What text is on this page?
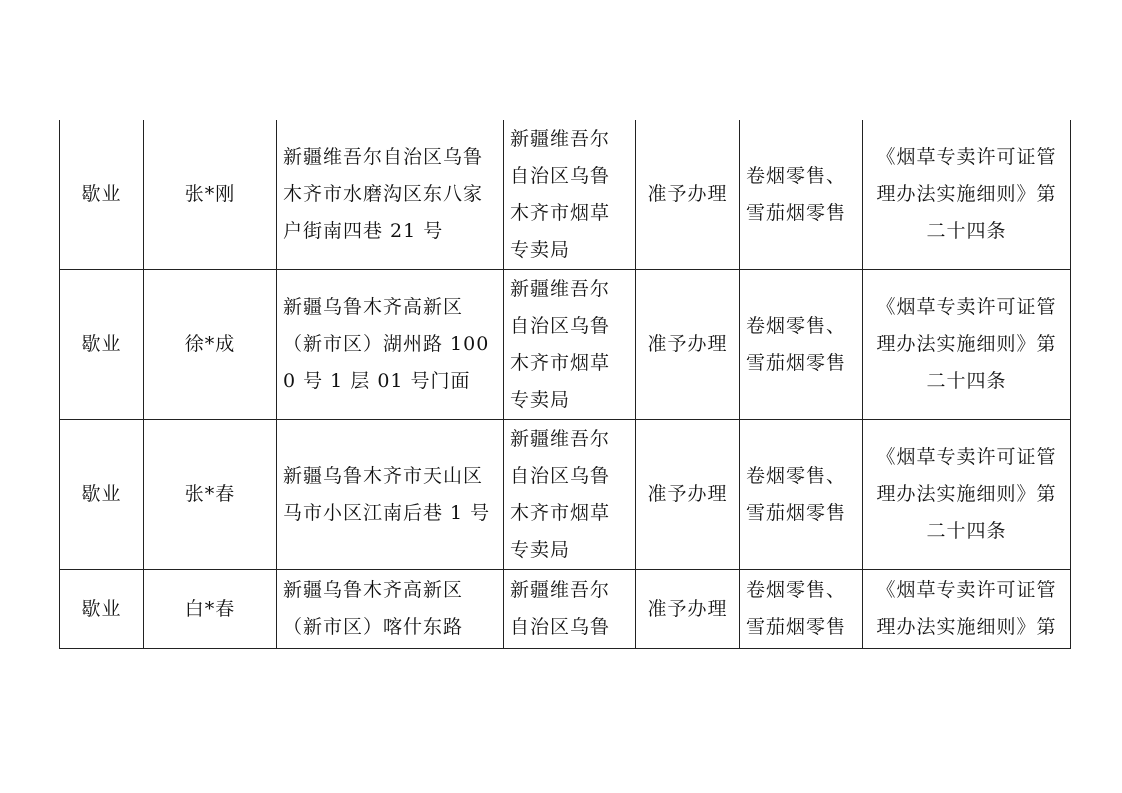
歇业	张*刚	新疆维吾尔自治区乌鲁木齐市水磨沟区东八家户街南四巷 21 号	新疆维吾尔自治区乌鲁木齐市烟草专卖局	准予办理	卷烟零售、雪茄烟零售	《烟草专卖许可证管理办法实施细则》第二十四条
歇业	徐*成	新疆乌鲁木齐高新区（新市区）湖州路 1000 号 1 层 01 号门面	新疆维吾尔自治区乌鲁木齐市烟草专卖局	准予办理	卷烟零售、雪茄烟零售	《烟草专卖许可证管理办法实施细则》第二十四条
歇业	张*春	新疆乌鲁木齐市天山区马市小区江南后巷 1 号	新疆维吾尔自治区乌鲁木齐市烟草专卖局	准予办理	卷烟零售、雪茄烟零售	《烟草专卖许可证管理办法实施细则》第二十四条
歇业	白*春	新疆乌鲁木齐高新区（新市区）喀什东路	新疆维吾尔自治区乌鲁	准予办理	卷烟零售、雪茄烟零售	《烟草专卖许可证管理办法实施细则》第
